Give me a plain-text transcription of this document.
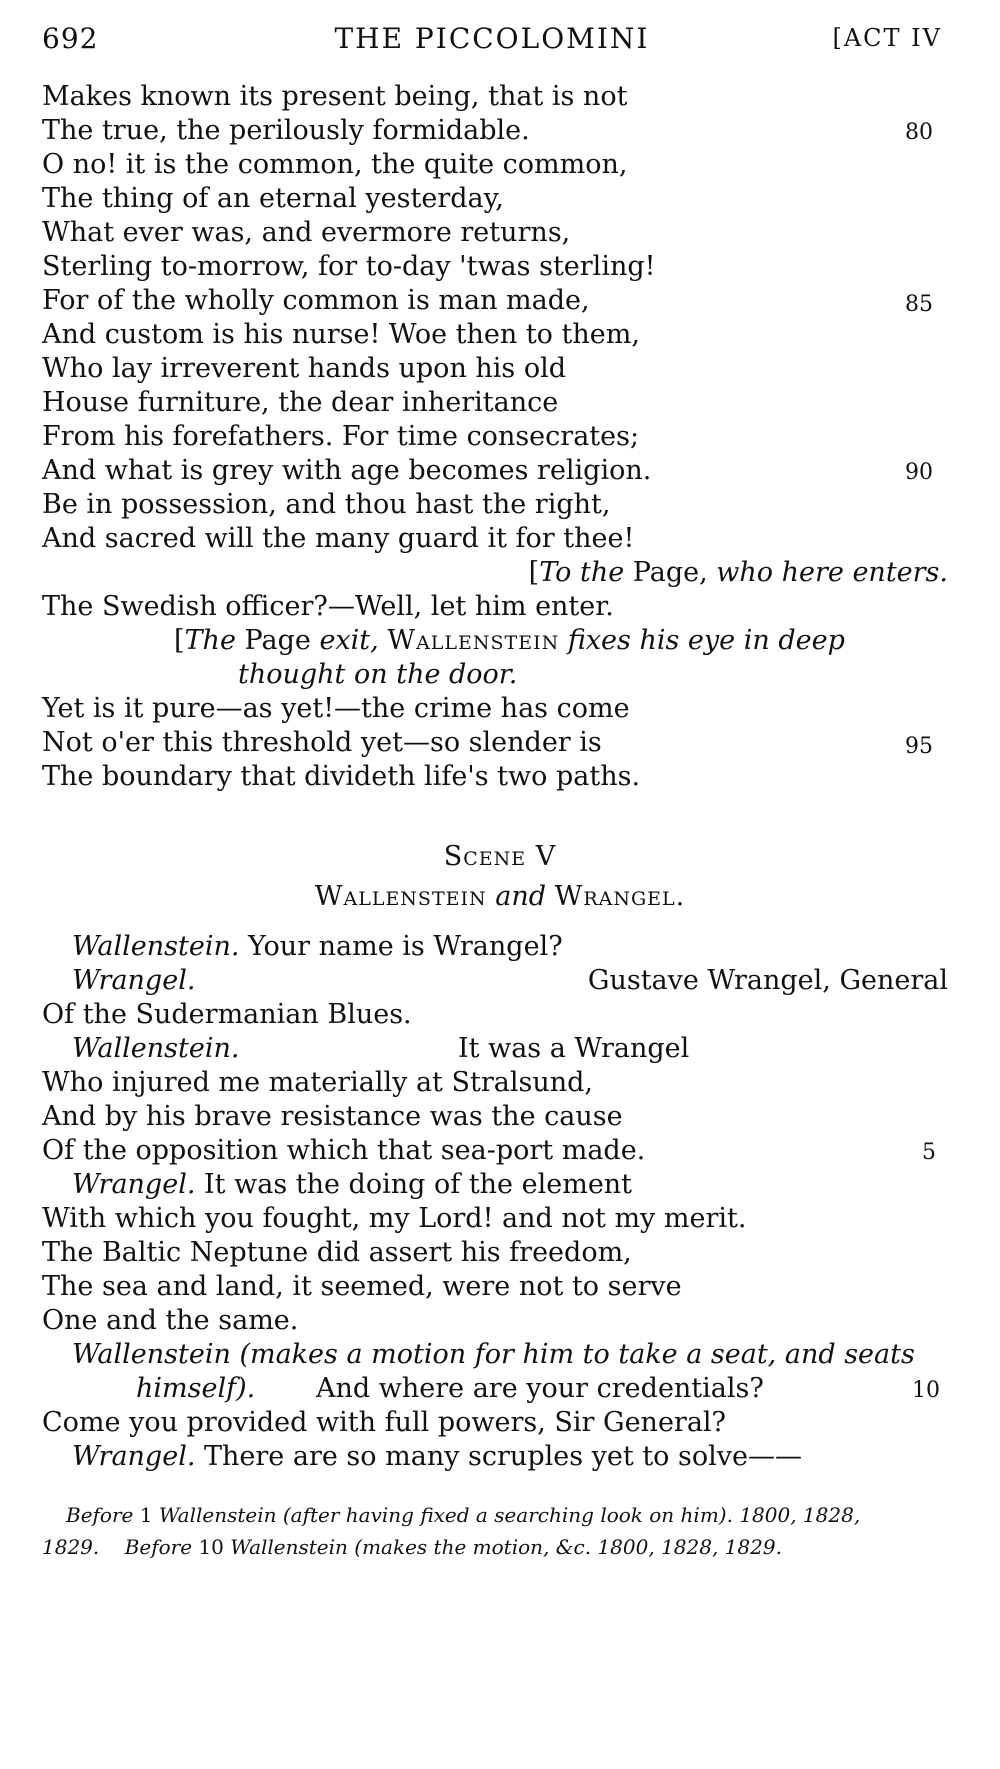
692	THE PICCOLOMINI	[ACT IV
Makes known its present being, that is not
The true, the perilously formidable.	80
O no! it is the common, the quite common,
The thing of an eternal yesterday,
What ever was, and evermore returns,
Sterling to-morrow, for to-day 'twas sterling!
For of the wholly common is man made,	85
And custom is his nurse! Woe then to them,
Who lay irreverent hands upon his old
House furniture, the dear inheritance
From his forefathers. For time consecrates;
And what is grey with age becomes religion.	90
Be in possession, and thou hast the right,
And sacred will the many guard it for thee!
[To the Page, who here enters.
The Swedish officer?—Well, let him enter.
[The Page exit, Wallenstein fixes his eye in deep
thought on the door.
Yet is it pure—as yet!—the crime has come
Not o'er this threshold yet—so slender is	95
The boundary that divideth life's two paths.
Scene V
Wallenstein and Wrangel.
Wallenstein. Your name is Wrangel?
Wrangel.	Gustave Wrangel, General
Of the Sudermanian Blues.
Wallenstein.	It was a Wrangel
Who injured me materially at Stralsund,
And by his brave resistance was the cause
Of the opposition which that sea-port made.	5
Wrangel. It was the doing of the element
With which you fought, my Lord! and not my merit.
The Baltic Neptune did assert his freedom,
The sea and land, it seemed, were not to serve
One and the same.
Wallenstein (makes a motion for him to take a seat, and seats
himself). And where are your credentials?	10
Come you provided with full powers, Sir General?
Wrangel. There are so many scruples yet to solve——
Before 1 Wallenstein (after having fixed a searching look on him). 1800, 1828,
1829. Before 10 Wallenstein (makes the motion, &c. 1800, 1828, 1829.
